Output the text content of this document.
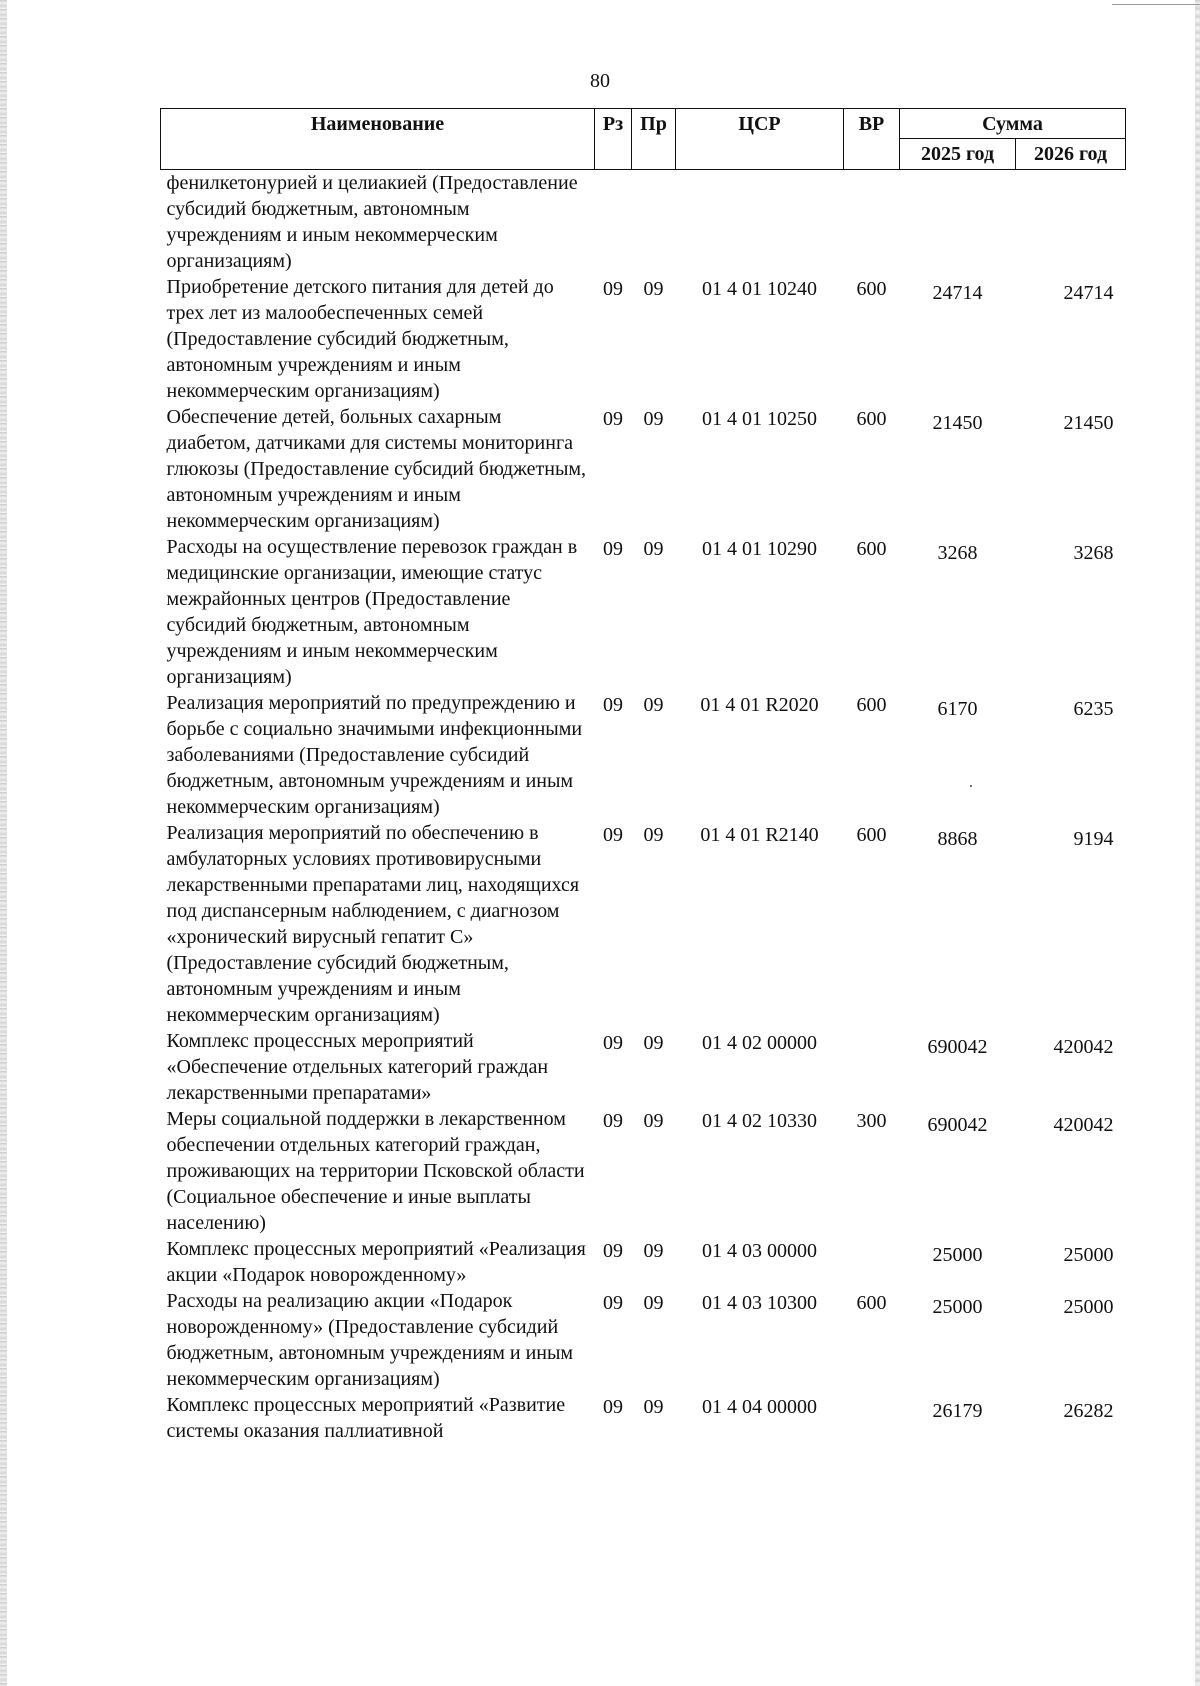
80
Наименование	Рз	Пр	ЦСР	ВР	Сумма	
					2025 год	2026 год
фенилкетонурией и целиакией (Предоставление субсидий бюджетным, автономным учреждениям и иным некоммерческим организациям)						
Приобретение детского питания для детей до трех лет из малообеспеченных семей (Предоставление субсидий бюджетным, автономным учреждениям и иным некоммерческим организациям)	09	09	01 4 01 10240	600	24714	24714
Обеспечение детей, больных сахарным диабетом, датчиками для системы мониторинга глюкозы (Предоставление субсидий бюджетным, автономным учреждениям и иным некоммерческим организациям)	09	09	01 4 01 10250	600	21450	21450
Расходы на осуществление перевозок граждан в медицинские организации, имеющие статус межрайонных центров (Предоставление субсидий бюджетным, автономным учреждениям и иным некоммерческим организациям)	09	09	01 4 01 10290	600	3268	3268
Реализация мероприятий по предупреждению и борьбе с социально значимыми инфекционными заболеваниями (Предоставление субсидий бюджетным, автономным учреждениям и иным некоммерческим организациям)	09	09	01 4 01 R2020	600	6170	6235
Реализация мероприятий по обеспечению в амбулаторных условиях противовирусными лекарственными препаратами лиц, находящихся под диспансерным наблюдением, с диагнозом «хронический вирусный гепатит С» (Предоставление субсидий бюджетным, автономным учреждениям и иным некоммерческим организациям)	09	09	01 4 01 R2140	600	8868	9194
Комплекс процессных мероприятий «Обеспечение отдельных категорий граждан лекарственными препаратами»	09	09	01 4 02 00000		690042	420042
Меры социальной поддержки в лекарственном обеспечении отдельных категорий граждан, проживающих на территории Псковской области (Социальное обеспечение и иные выплаты населению)	09	09	01 4 02 10330	300	690042	420042
Комплекс процессных мероприятий «Реализация акции «Подарок новорожденному»	09	09	01 4 03 00000		25000	25000
Расходы на реализацию акции «Подарок новорожденному» (Предоставление субсидий бюджетным, автономным учреждениям и иным некоммерческим организациям)	09	09	01 4 03 10300	600	25000	25000
Комплекс процессных мероприятий «Развитие системы оказания паллиативной	09	09	01 4 04 00000		26179	26282
